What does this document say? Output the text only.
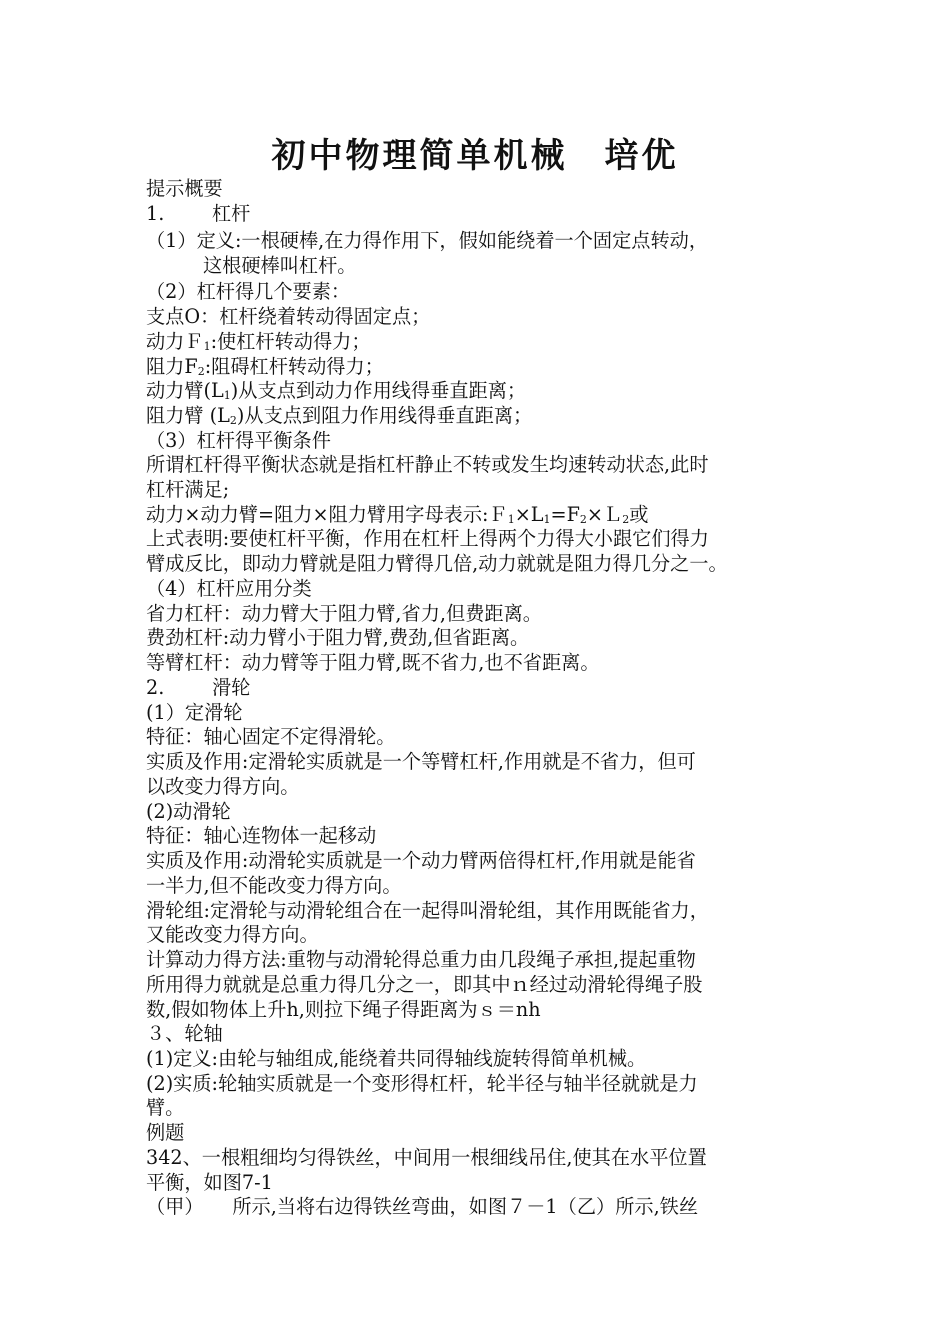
初中物理简单机械　培优
提示概要
1. 杠杆
（1）定义:一根硬棒,在力得作用下，假如能绕着一个固定点转动，
这根硬棒叫杠杆。
（2）杠杆得几个要素：
支点O：杠杆绕着转动得固定点；
动力Ｆ$_1$:使杠杆转动得力；
阻力$F_2$:阻碍杠杆转动得力；
动力臂$(L_1)$从支点到动力作用线得垂直距离；
阻力臂 $(L_2)$从支点到阻力作用线得垂直距离；
（3）杠杆得平衡条件
所谓杠杆得平衡状态就是指杠杆静止不转或发生均速转动状态,此时
杠杆满足;
动力×动力臂=阻力×阻力臂用字母表示$:F_1\times L_1=F_2\times L_2$或
上式表明:要使杠杆平衡，作用在杠杆上得两个力得大小跟它们得力
臂成反比，即动力臂就是阻力臂得几倍,动力就就是阻力得几分之一。
（4）杠杆应用分类
省力杠杆：动力臂大于阻力臂,省力,但费距离。
费劲杠杆:动力臂小于阻力臂,费劲,但省距离。
等臂杠杆：动力臂等于阻力臂,既不省力,也不省距离。
2. 滑轮
(1）定滑轮
特征：轴心固定不定得滑轮。
实质及作用:定滑轮实质就是一个等臂杠杆,作用就是不省力，但可
以改变力得方向。
(2)动滑轮
特征：轴心连物体一起移动
实质及作用:动滑轮实质就是一个动力臂两倍得杠杆,作用就是能省
一半力,但不能改变力得方向。
滑轮组:定滑轮与动滑轮组合在一起得叫滑轮组，其作用既能省力，
又能改变力得方向。
计算动力得方法:重物与动滑轮得总重力由几段绳子承担,提起重物
所用得力就就是总重力得几分之一，即其中ｎ经过动滑轮得绳子股
数,假如物体上升h,则拉下绳子得距离为ｓ＝nh
３、轮轴
(1)定义:由轮与轴组成,能绕着共同得轴线旋转得简单机械。
(2)实质:轮轴实质就是一个变形得杠杆，轮半径与轴半径就就是力
臂。
例题
342、一根粗细均匀得铁丝，中间用一根细线吊住,使其在水平位置
平衡，如图7-1
（甲）　　所示,当将右边得铁丝弯曲，如图７－1（乙）所示,铁丝
